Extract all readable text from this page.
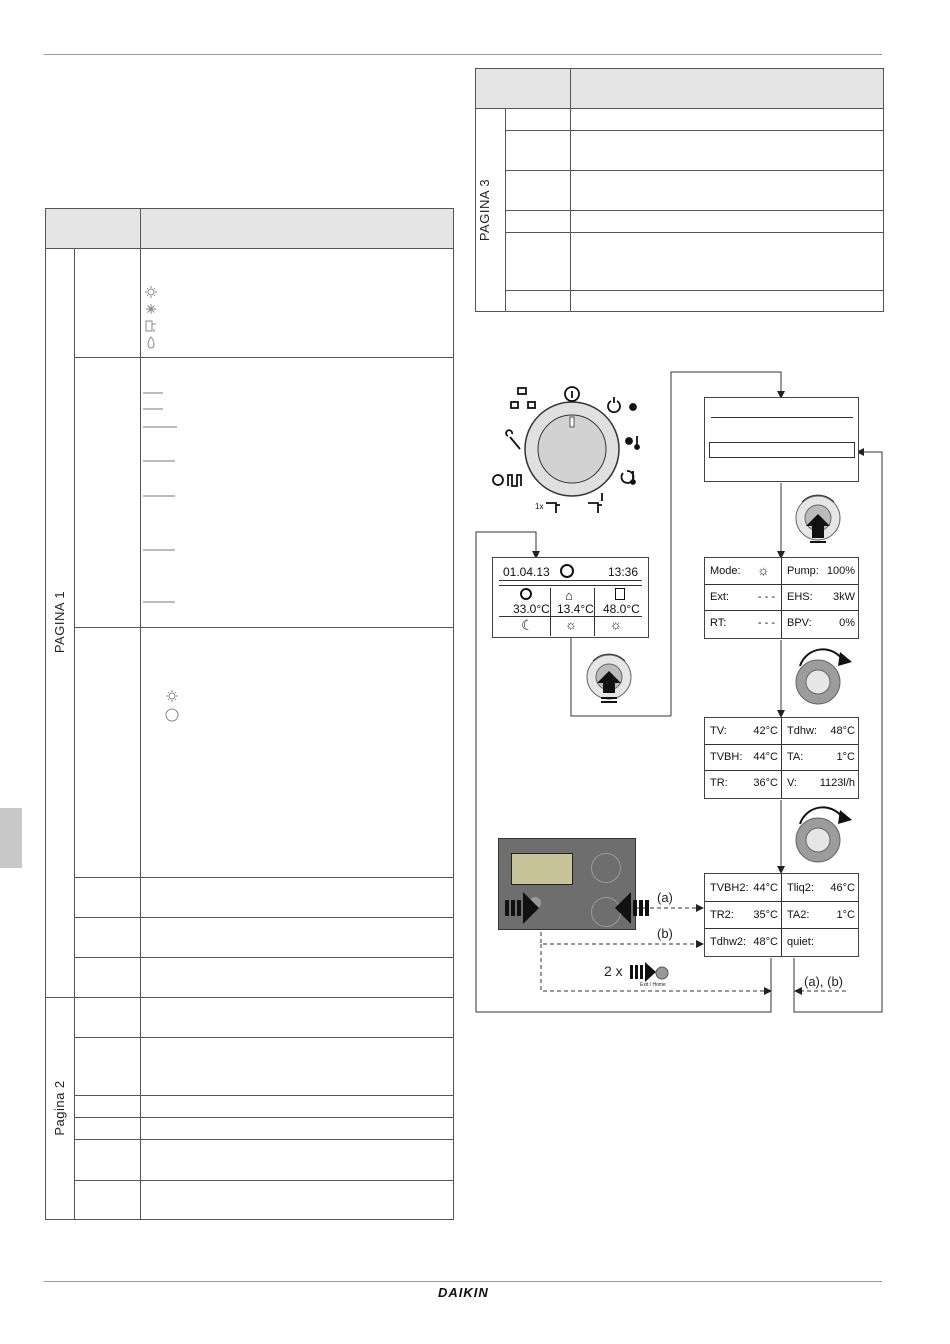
PAGINA 1
Pagina 2
PAGINA 3
1x
01.04.13	13:36
⌂
33.0°C 13.4°C 48.0°C
☾ ☼	☼
Mode: ☼ Pump: 100%
Ext:	- - - EHS: 3kW
RT:	- - - BPV: 0%
TV: 42°C Tdhw: 48°C
TVBH: 44°C TA:	1°C
TR: 36°C V: 1123l/h
TVBH2: 44°C Tliq2: 46°C
TR2: 35°C TA2: 1°C
Tdhw2: 48°C quiet:
(a)
(b)
(a), (b)
2 x
Exit / Home
DAIKIN
